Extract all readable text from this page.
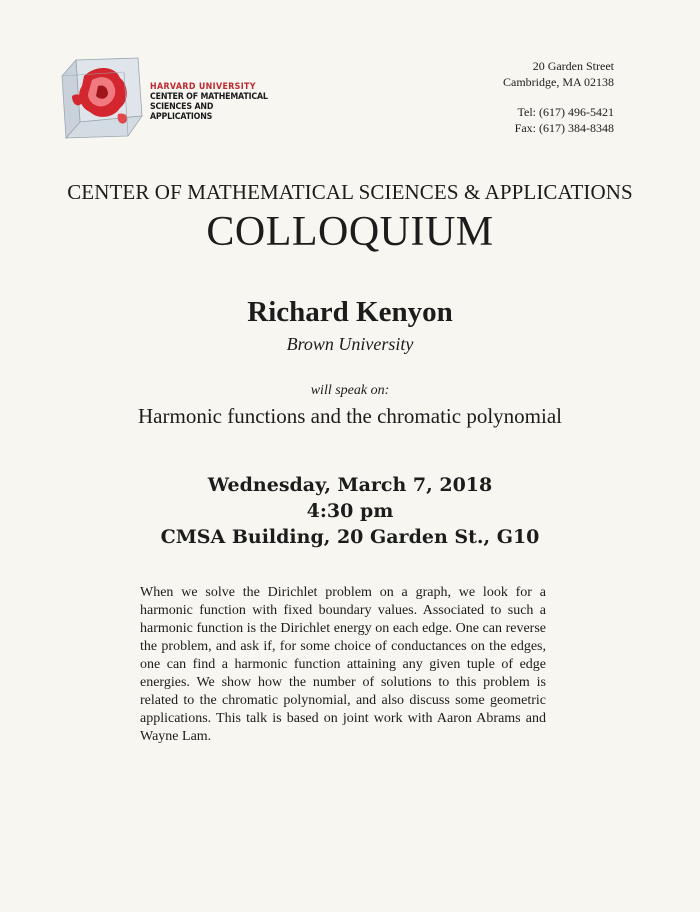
HARVARD UNIVERSITY
CENTER OF MATHEMATICAL
SCIENCES AND APPLICATIONS
20 Garden Street
Cambridge, MA 02138
Tel: (617) 496-5421
Fax: (617) 384-8348
CENTER OF MATHEMATICAL SCIENCES & APPLICATIONS
COLLOQUIUM
Richard Kenyon
Brown University
will speak on:
Harmonic functions and the chromatic polynomial
Wednesday, March 7, 2018
4:30 pm
CMSA Building, 20 Garden St., G10
When we solve the Dirichlet problem on a graph, we look for a harmonic function with fixed boundary values. Associated to such a harmonic function is the Dirichlet energy on each edge. One can reverse the problem, and ask if, for some choice of conductances on the edges, one can find a harmonic function attaining any given tuple of edge energies. We show how the number of solutions to this problem is related to the chromatic polynomial, and also discuss some geometric applications. This talk is based on joint work with Aaron Abrams and Wayne Lam.
